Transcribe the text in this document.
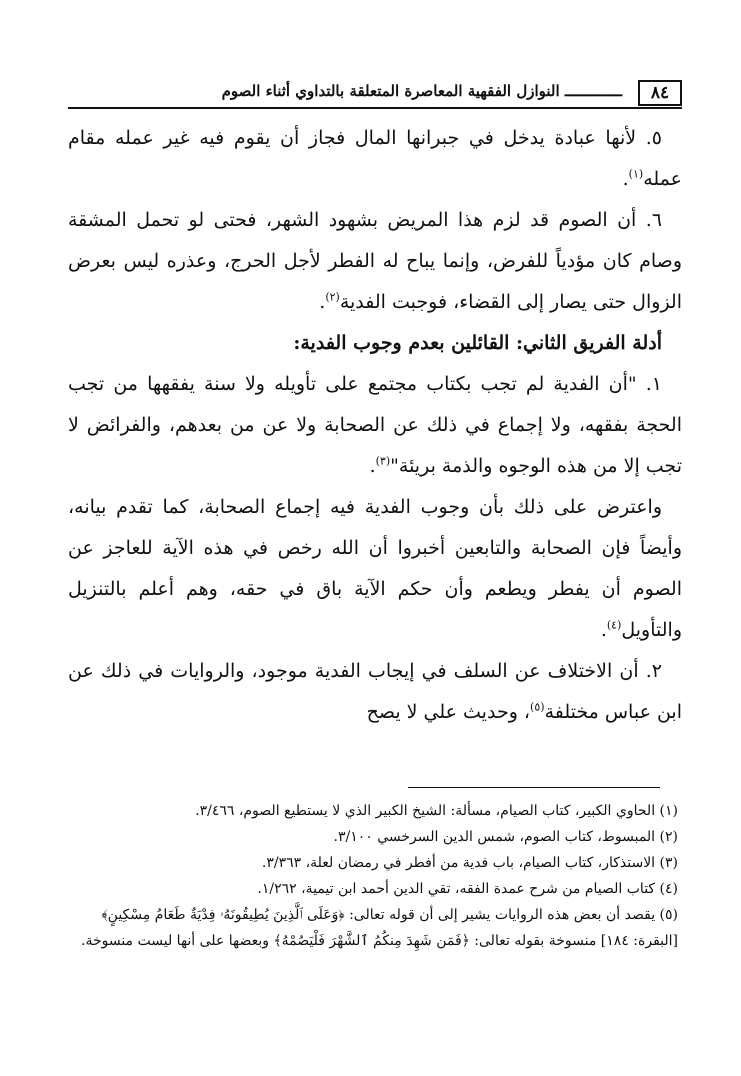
٨٤
ـــــــــــــ النوازل الفقهية المعاصرة المتعلقة بالتداوي أثناء الصوم

٥. لأنها عبادة يدخل في جبرانها المال فجاز أن يقوم فيه غير عمله مقام عمله$^{(١)}$.

٦. أن الصوم قد لزم هذا المريض بشهود الشهر، فحتى لو تحمل المشقة وصام كان مؤدياً للفرض، وإنما يباح له الفطر لأجل الحرج، وعذره ليس بعرض الزوال حتى يصار إلى القضاء، فوجبت الفدية$^{(٢)}$.

أدلة الفريق الثاني: القائلين بعدم وجوب الفدية:

١. "أن الفدية لم تجب بكتاب مجتمع على تأويله ولا سنة يفقهها من تجب الحجة بفقهه، ولا إجماع في ذلك عن الصحابة ولا عن من بعدهم، والفرائض لا تجب إلا من هذه الوجوه والذمة بريئة"$^{(٣)}$.

واعترض على ذلك بأن وجوب الفدية فيه إجماع الصحابة، كما تقدم بيانه، وأيضاً فإن الصحابة والتابعين أخبروا أن الله رخص في هذه الآية للعاجز عن الصوم أن يفطر ويطعم وأن حكم الآية باق في حقه، وهم أعلم بالتنزيل والتأويل$^{(٤)}$.

٢. أن الاختلاف عن السلف في إيجاب الفدية موجود، والروايات في ذلك عن ابن عباس مختلفة$^{(٥)}$، وحديث علي لا يصح

(١) الحاوي الكبير، كتاب الصيام، مسألة: الشيخ الكبير الذي لا يستطيع الصوم، ٣/٤٦٦.

(٢) المبسوط، كتاب الصوم، شمس الدين السرخسي ٣/١٠٠.

(٣) الاستذكار، كتاب الصيام، باب فدية من أفطر في رمضان لعلة، ٣/٣٦٣.

(٤) كتاب الصيام من شرح عمدة الفقه، تقي الدين أحمد ابن تيمية، ١/٢٦٢.

(٥) يقصد أن بعض هذه الروايات يشير إلى أن قوله تعالى: ﴿وَعَلَى ٱلَّذِينَ يُطِيقُونَهُۥ فِدْيَةٌ طَعَامُ مِسْكِينٍ﴾[البقرة: ١٨٤] منسوخة بقوله تعالى: ﴿فَمَن شَهِدَ مِنكُمُ ٱلشَّهْرَ فَلْيَصُمْهُ﴾ وبعضها على أنها ليست منسوخة.
